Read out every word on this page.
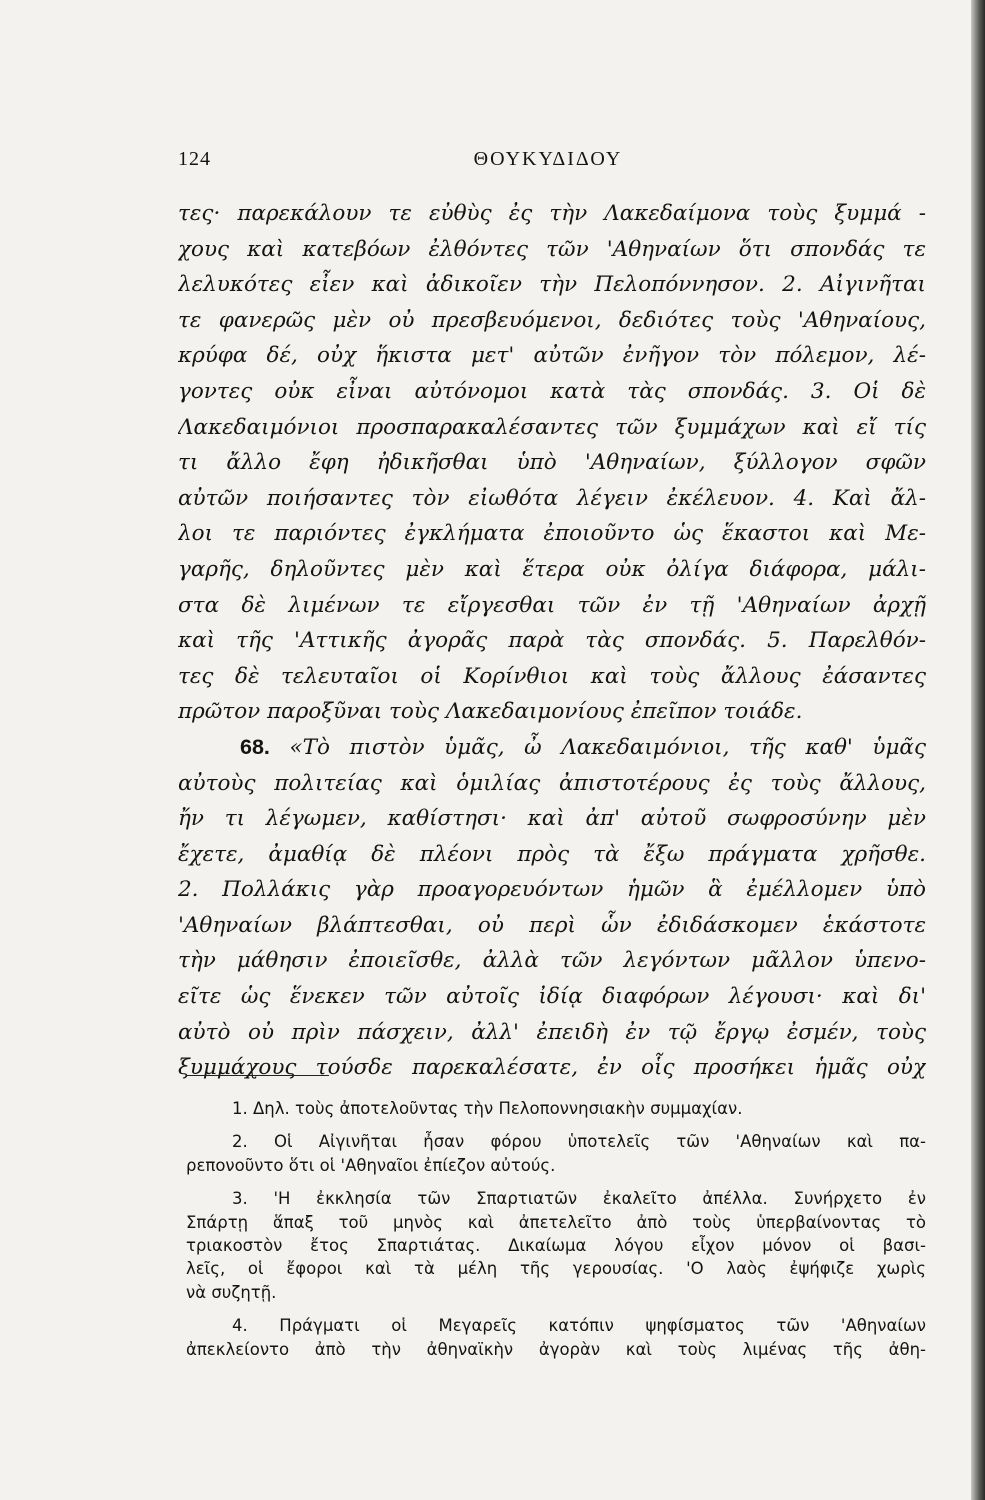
124	ΘΟΥΚΥΔΙΔΟΥ
τες· παρεκάλουν τε εὐθὺς ἐς τὴν Λακεδαίμονα τοὺς ξυμμά -
χους καὶ κατεβόων ἐλθόντες τῶν 'Αθηναίων ὅτι σπονδάς τε
λελυκότες εἶεν καὶ ἀδικοῖεν τὴν Πελοπόννησον. 2. Αἰγινῆται
τε φανερῶς μὲν οὐ πρεσβευόμενοι, δεδιότες τοὺς 'Αθηναίους,
κρύφα δέ, οὐχ ἥκιστα μετ' αὐτῶν ἐνῆγον τὸν πόλεμον, λέ-
γοντες οὐκ εἶναι αὐτόνομοι κατὰ τὰς σπονδάς. 3. Οἱ δὲ
Λακεδαιμόνιοι προσπαρακαλέσαντες τῶν ξυμμάχων καὶ εἴ τίς
τι ἄλλο ἔφη ἠδικῆσθαι ὑπὸ 'Αθηναίων, ξύλλογον σφῶν
αὐτῶν ποιήσαντες τὸν εἰωθότα λέγειν ἐκέλευον. 4. Καὶ ἄλ-
λοι τε παριόντες ἐγκλήματα ἐποιοῦντο ὡς ἕκαστοι καὶ Με-
γαρῆς, δηλοῦντες μὲν καὶ ἕτερα οὐκ ὀλίγα διάφορα, μάλι-
στα δὲ λιμένων τε εἴργεσθαι τῶν ἐν τῇ 'Αθηναίων ἀρχῇ
καὶ τῆς 'Αττικῆς ἀγορᾶς παρὰ τὰς σπονδάς. 5. Παρελθόν-
τες δὲ τελευταῖοι οἱ Κορίνθιοι καὶ τοὺς ἄλλους ἐάσαντες
πρῶτον παροξῦναι τοὺς Λακεδαιμονίους ἐπεῖπον τοιάδε.
68. «Τὸ πιστὸν ὑμᾶς, ὦ Λακεδαιμόνιοι, τῆς καθ' ὑμᾶς
αὐτοὺς πολιτείας καὶ ὁμιλίας ἀπιστοτέρους ἐς τοὺς ἄλλους,
ἤν τι λέγωμεν, καθίστησι· καὶ ἀπ' αὐτοῦ σωφροσύνην μὲν
ἔχετε, ἀμαθίᾳ δὲ πλέονι πρὸς τὰ ἔξω πράγματα χρῆσθε.
2. Πολλάκις γὰρ προαγορευόντων ἡμῶν ἃ ἐμέλλομεν ὑπὸ
'Αθηναίων βλάπτεσθαι, οὐ περὶ ὧν ἐδιδάσκομεν ἑκάστοτε
τὴν μάθησιν ἐποιεῖσθε, ἀλλὰ τῶν λεγόντων μᾶλλον ὑπενο-
εῖτε ὡς ἕνεκεν τῶν αὐτοῖς ἰδίᾳ διαφόρων λέγουσι· καὶ δι'
αὐτὸ οὐ πρὶν πάσχειν, ἀλλ' ἐπειδὴ ἐν τῷ ἔργῳ ἐσμέν, τοὺς
ξυμμάχους τούσδε παρεκαλέσατε, ἐν οἷς προσήκει ἡμᾶς οὐχ
1. Δηλ. τοὺς ἀποτελοῦντας τὴν Πελοποννησιακὴν συμμαχίαν.
2. Οἱ Αἰγινῆται ἦσαν φόρου ὑποτελεῖς τῶν 'Αθηναίων καὶ πα-
ρεπονοῦντο ὅτι οἱ 'Αθηναῖοι ἐπίεζον αὐτούς.
3. 'Η ἐκκλησία τῶν Σπαρτιατῶν ἐκαλεῖτο ἀπέλλα. Συνήρχετο ἐν
Σπάρτῃ ἅπαξ τοῦ μηνὸς καὶ ἀπετελεῖτο ἀπὸ τοὺς ὑπερβαίνοντας τὸ
τριακοστὸν ἔτος Σπαρτιάτας. Δικαίωμα λόγου εἶχον μόνον οἱ βασι-
λεῖς, οἱ ἔφοροι καὶ τὰ μέλη τῆς γερουσίας. 'Ο λαὸς ἐψήφιζε χωρὶς
νὰ συζητῇ.
4. Πράγματι οἱ Μεγαρεῖς κατόπιν ψηφίσματος τῶν 'Αθηναίων
ἀπεκλείοντο ἀπὸ τὴν ἀθηναϊκὴν ἀγορὰν καὶ τοὺς λιμένας τῆς ἀθη-
